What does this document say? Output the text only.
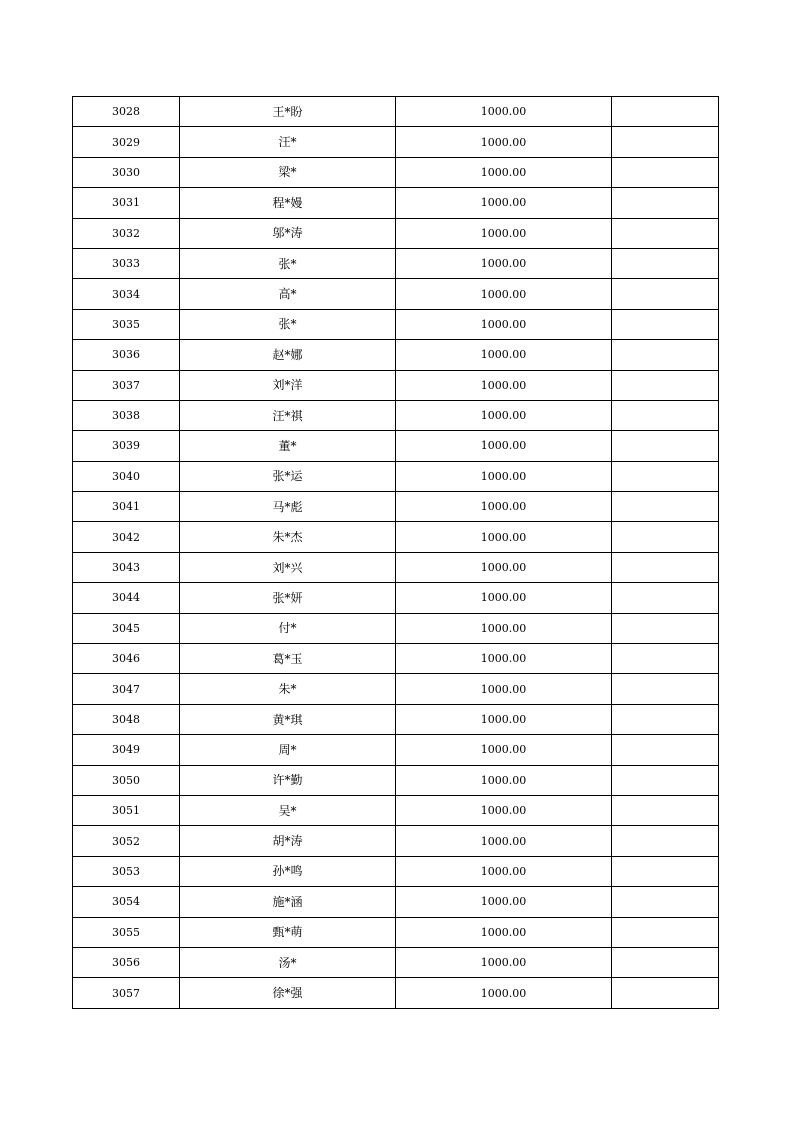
3028	王*盼	1000.00	
3029	汪*	1000.00	
3030	梁*	1000.00	
3031	程*嫚	1000.00	
3032	邬*涛	1000.00	
3033	张*	1000.00	
3034	高*	1000.00	
3035	张*	1000.00	
3036	赵*娜	1000.00	
3037	刘*洋	1000.00	
3038	汪*祺	1000.00	
3039	董*	1000.00	
3040	张*运	1000.00	
3041	马*彪	1000.00	
3042	朱*杰	1000.00	
3043	刘*兴	1000.00	
3044	张*妍	1000.00	
3045	付*	1000.00	
3046	葛*玉	1000.00	
3047	朱*	1000.00	
3048	黄*琪	1000.00	
3049	周*	1000.00	
3050	许*勤	1000.00	
3051	吴*	1000.00	
3052	胡*涛	1000.00	
3053	孙*鸣	1000.00	
3054	施*涵	1000.00	
3055	甄*萌	1000.00	
3056	汤*	1000.00	
3057	徐*强	1000.00	
